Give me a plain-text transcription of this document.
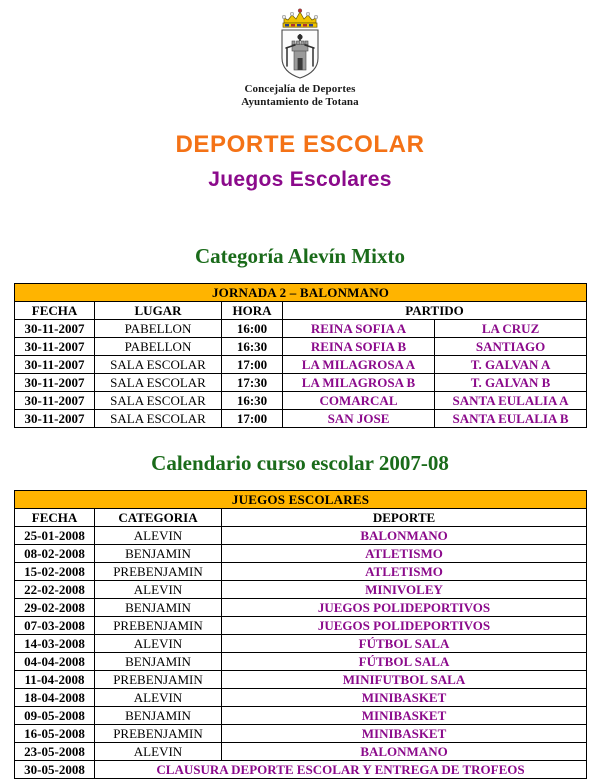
Concejalía de Deportes
Ayuntamiento de Totana
DEPORTE ESCOLAR
Juegos Escolares
Categoría Alevín Mixto
JORNADA 2 – BALONMANO				
FECHA	LUGAR	HORA	PARTIDO	
30-11-2007	PABELLON	16:00	REINA SOFIA A	LA CRUZ
30-11-2007	PABELLON	16:30	REINA SOFIA B	SANTIAGO
30-11-2007	SALA ESCOLAR	17:00	LA MILAGROSA A	T. GALVAN A
30-11-2007	SALA ESCOLAR	17:30	LA MILAGROSA B	T. GALVAN B
30-11-2007	SALA ESCOLAR	16:30	COMARCAL	SANTA EULALIA A
30-11-2007	SALA ESCOLAR	17:00	SAN JOSE	SANTA EULALIA B
Calendario curso escolar 2007-08
JUEGOS ESCOLARES		
FECHA	CATEGORIA	DEPORTE
25-01-2008	ALEVIN	BALONMANO
08-02-2008	BENJAMIN	ATLETISMO
15-02-2008	PREBENJAMIN	ATLETISMO
22-02-2008	ALEVIN	MINIVOLEY
29-02-2008	BENJAMIN	JUEGOS POLIDEPORTIVOS
07-03-2008	PREBENJAMIN	JUEGOS POLIDEPORTIVOS
14-03-2008	ALEVIN	FÚTBOL SALA
04-04-2008	BENJAMIN	FÚTBOL SALA
11-04-2008	PREBENJAMIN	MINIFUTBOL SALA
18-04-2008	ALEVIN	MINIBASKET
09-05-2008	BENJAMIN	MINIBASKET
16-05-2008	PREBENJAMIN	MINIBASKET
23-05-2008	ALEVIN	BALONMANO
30-05-2008	CLAUSURA DEPORTE ESCOLAR Y ENTREGA DE TROFEOS	
